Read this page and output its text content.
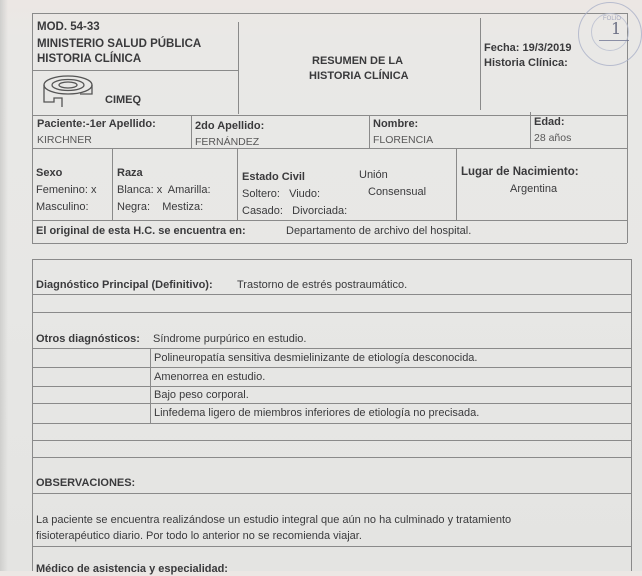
MOD. 54-33
MINISTERIO SALUD PÚBLICA
HISTORIA CLÍNICA
CIMEQ
RESUMEN DE LA
HISTORIA CLÍNICA
Fecha: 19/3/2019
Historia Clínica:
FOLIO
1
Paciente:-1er Apellido:
KIRCHNER
2do Apellido:
FERNÁNDEZ
Nombre:
FLORENCIA
Edad:
28 años
Sexo
Femenino: x
Masculino:
Raza
Blanca: x  Amarilla:
Negra:    Mestiza:
Estado Civil	Unión
Consensual
Soltero:   Viudo:
Casado:   Divorciada:
Lugar de Nacimiento:
Argentina
El original de esta H.C. se encuentra en:	Departamento de archivo del hospital.
Diagnóstico Principal (Definitivo): Trastorno de estrés postraumático.
Otros diagnósticos: Síndrome purpúrico en estudio.
Polineuropatía sensitiva desmielinizante de etiología desconocida.
Amenorrea en estudio.
Bajo peso corporal.
Linfedema ligero de miembros inferiores de etiología no precisada.
OBSERVACIONES:
La paciente se encuentra realizándose un estudio integral que aún no ha culminado y tratamiento
fisioterapéutico diario. Por todo lo anterior no se recomienda viajar.
Médico de asistencia y especialidad:
